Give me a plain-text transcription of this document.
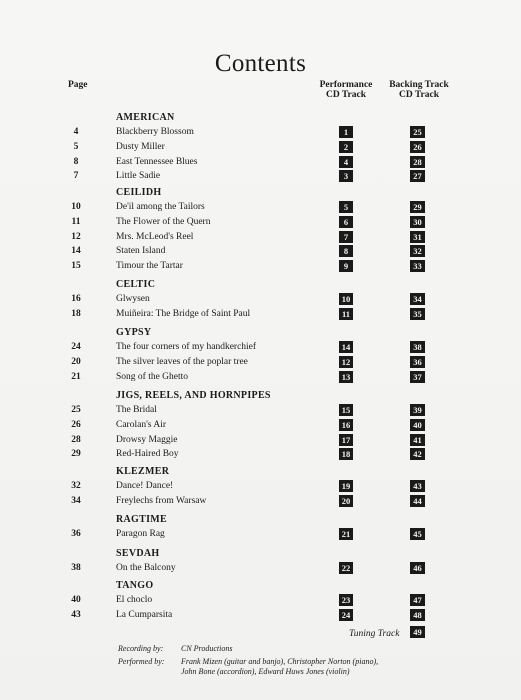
Contents
Page	Performance
CD Track
Backing Track
CD Track
AMERICAN
4	Blackberry Blossom	1	25
5	Dusty Miller	2	26
8	East Tennessee Blues	4	28
7	Little Sadie	3	27
CEILIDH
10	De'il among the Tailors	5	29
11	The Flower of the Quern	6	30
12	Mrs. McLeod's Reel	7	31
14	Staten Island	8	32
15	Timour the Tartar	9	33
CELTIC
16	Glwysen	10	34
18	Muiñeira: The Bridge of Saint Paul	11	35
GYPSY
24	The four corners of my handkerchief	14	38
20	The silver leaves of the poplar tree	12	36
21	Song of the Ghetto	13	37
JIGS, REELS, AND HORNPIPES
25	The Bridal	15	39
26	Carolan's Air	16	40
28	Drowsy Maggie	17	41
29	Red-Haired Boy	18	42
KLEZMER
32	Dance! Dance!	19	43
34	Freylechs from Warsaw	20	44
RAGTIME
36	Paragon Rag	21	45
SEVDAH
38	On the Balcony	22	46
TANGO
40	El choclo	23	47
43	La Cumparsita	24	48
Tuning Track	49
Recording by: CN Productions
Performed by: Frank Mizen (guitar and banjo), Christopher Norton (piano),
John Bone (accordion), Edward Huws Jones (violin)
